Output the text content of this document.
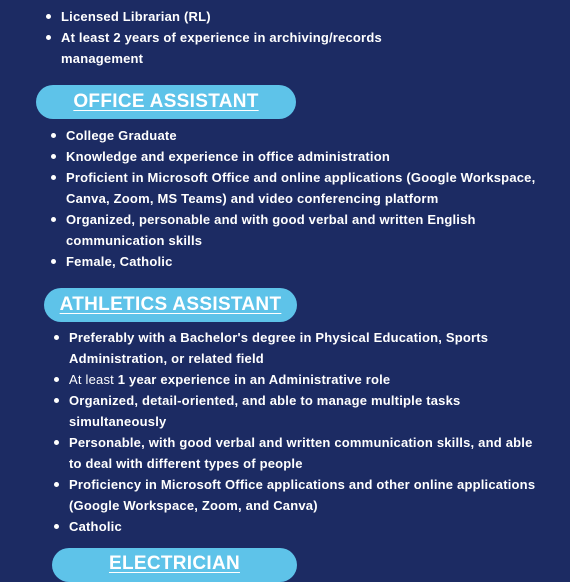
Licensed Librarian (RL)
At least 2 years of experience in archiving/records management
OFFICE ASSISTANT
College Graduate
Knowledge and experience in office administration
Proficient in Microsoft Office and online applications (Google Workspace, Canva, Zoom, MS Teams) and video conferencing platform
Organized, personable and with good verbal and written English communication skills
Female, Catholic
ATHLETICS ASSISTANT
Preferably with a Bachelor's degree in Physical Education, Sports Administration, or related field
At least 1 year experience in an Administrative role
Organized, detail-oriented, and able to manage multiple tasks simultaneously
Personable, with good verbal and written communication skills, and able to deal with different types of people
Proficiency in Microsoft Office applications and other online applications (Google Workspace, Zoom, and Canva)
Catholic
ELECTRICIAN
